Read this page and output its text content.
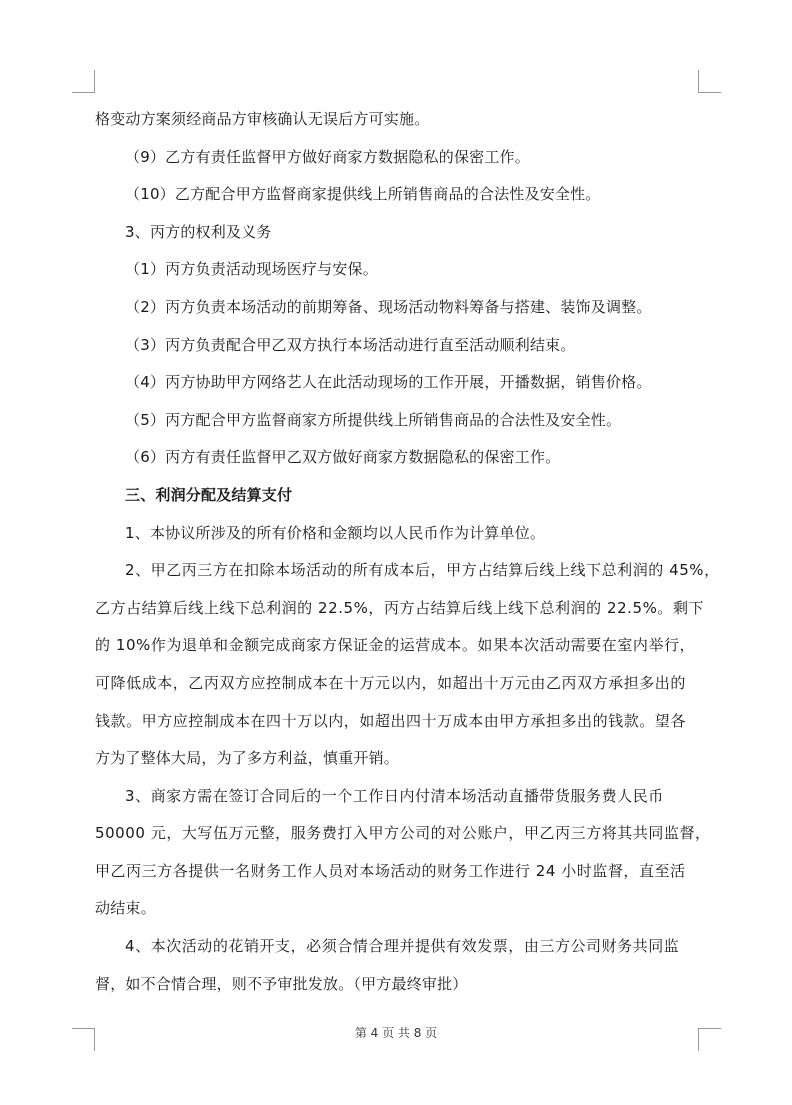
格变动方案须经商品方审核确认无误后方可实施。
（9）乙方有责任监督甲方做好商家方数据隐私的保密工作。
（10）乙方配合甲方监督商家提供线上所销售商品的合法性及安全性。
3、丙方的权利及义务
（1）丙方负责活动现场医疗与安保。
（2）丙方负责本场活动的前期筹备、现场活动物料筹备与搭建、装饰及调整。
（3）丙方负责配合甲乙双方执行本场活动进行直至活动顺利结束。
（4）丙方协助甲方网络艺人在此活动现场的工作开展，开播数据，销售价格。
（5）丙方配合甲方监督商家方所提供线上所销售商品的合法性及安全性。
（6）丙方有责任监督甲乙双方做好商家方数据隐私的保密工作。
三、利润分配及结算支付
1、本协议所涉及的所有价格和金额均以人民币作为计算单位。
2、甲乙丙三方在扣除本场活动的所有成本后，甲方占结算后线上线下总利润的 45%，
乙方占结算后线上线下总利润的 22.5%，丙方占结算后线上线下总利润的 22.5%。剩下
的 10%作为退单和金额完成商家方保证金的运营成本。如果本次活动需要在室内举行，
可降低成本，乙丙双方应控制成本在十万元以内，如超出十万元由乙丙双方承担多出的
钱款。甲方应控制成本在四十万以内，如超出四十万成本由甲方承担多出的钱款。望各
方为了整体大局，为了多方利益，慎重开销。
3、商家方需在签订合同后的一个工作日内付清本场活动直播带货服务费人民币
50000 元，大写伍万元整，服务费打入甲方公司的对公账户，甲乙丙三方将其共同监督，
甲乙丙三方各提供一名财务工作人员对本场活动的财务工作进行 24 小时监督，直至活
动结束。
4、本次活动的花销开支，必须合情合理并提供有效发票，由三方公司财务共同监
督，如不合情合理，则不予审批发放。（甲方最终审批）
第 4 页 共 8 页
